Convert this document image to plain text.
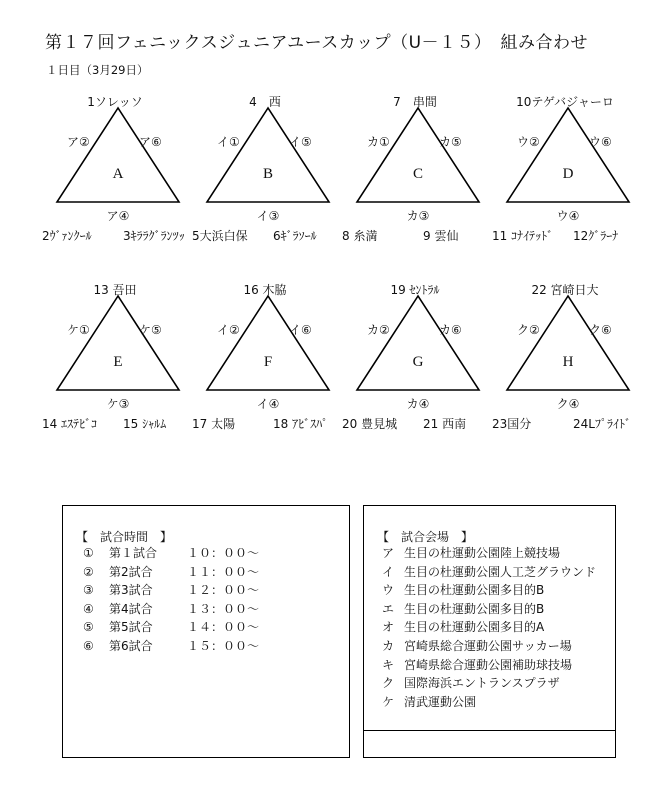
第１７回フェニックスジュニアユースカップ（U－１５）　組み合わせ
１日目（3月29日）
1ソレッソ
ア②	ア⑥
A
ア④
2ｳﾞｧﾝｸｰﾙ	3ｷﾗﾗｸﾞﾗﾝﾂｯ
4　西
イ①	イ⑤
B
イ③
5大浜白保 6ｷﾞﾗｿｰﾙ
7　串間
カ①	カ⑤
C
カ③
8 糸満	9 雲仙
10テゲバジャーロ
ウ②	ウ⑥
D
ウ④
11 ｺﾅｲﾃｯﾄﾞ 12ｸﾞﾗｰﾅ
13 吾田
ケ①	ケ⑤
E
ケ③
14 ｴｽﾃﾋﾞｺ 15 ｼｬﾙﾑ
16 木脇
イ②	イ⑥
F
イ④
17 太陽	18 ｱﾋﾞｽﾊﾟ
19 ｾﾝﾄﾗﾙ
カ②	カ⑥
G
カ④
20 豊見城 21 西南
22 宮崎日大
ク②	ク⑥
H
ク④
23国分	24Lﾌﾟﾗｲﾄﾞ
【　試合時間　】
① 第１試合 １０：００～
② 第2試合	１１：００～
③ 第3試合	１２：００～
④ 第4試合	１３：００～
⑤ 第5試合	１４：００～
⑥ 第6試合	１５：００～
【　試合会場　】
ア 生目の杜運動公園陸上競技場
イ 生目の杜運動公園人工芝グラウンド
ウ 生目の杜運動公園多目的B
エ 生目の杜運動公園多目的B
オ 生目の杜運動公園多目的A
カ 宮崎県総合運動公園サッカー場
キ 宮崎県総合運動公園補助球技場
ク 国際海浜エントランスプラザ
ケ 清武運動公園
